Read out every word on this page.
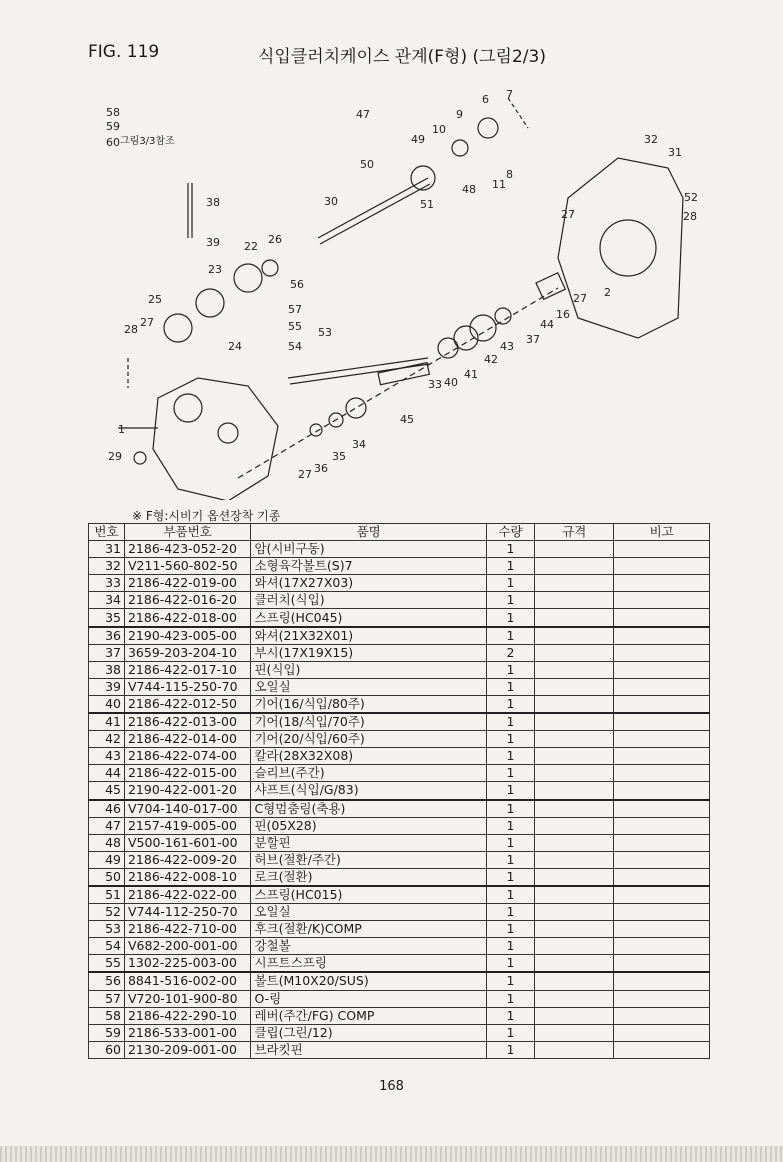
FIG. 119	식입클러치케이스 관계(F형) (그림2/3)
58
59
60
47	9
10
6 7
49
8
11
50
48
51
32
31
52
28
27
30
38
22
26
39
23
56
57
55
54
25
24
28
27
53
44
16
27 2
37
43
42
41
40
33
45
34
1
29	35
36
27
그림3/3참조
※ F형:시비기 옵션장착 기종
번호	부품번호	품명	수량	규격	비고
31	2186-423-052-20	암(시비구동)	1		
32	V211-560-802-50	소형육각볼트(S)7	1		
33	2186-422-019-00	와셔(17X27X03)	1		
34	2186-422-016-20	클러치(식입)	1		
35	2186-422-018-00	스프링(HC045)	1		
36	2190-423-005-00	와셔(21X32X01)	1		
37	3659-203-204-10	부시(17X19X15)	2		
38	2186-422-017-10	핀(식입)	1		
39	V744-115-250-70	오일실	1		
40	2186-422-012-50	기어(16/식입/80주)	1		
41	2186-422-013-00	기어(18/식입/70주)	1		
42	2186-422-014-00	기어(20/식입/60주)	1		
43	2186-422-074-00	칼라(28X32X08)	1		
44	2186-422-015-00	슬리브(주간)	1		
45	2190-422-001-20	샤프트(식입/G/83)	1		
46	V704-140-017-00	C형멈춤링(축용)	1		
47	2157-419-005-00	핀(05X28)	1		
48	V500-161-601-00	분할핀	1		
49	2186-422-009-20	허브(절환/주간)	1		
50	2186-422-008-10	로크(절환)	1		
51	2186-422-022-00	스프링(HC015)	1		
52	V744-112-250-70	오일실	1		
53	2186-422-710-00	후크(절환/K)COMP	1		
54	V682-200-001-00	강철볼	1		
55	1302-225-003-00	시프트스프링	1		
56	8841-516-002-00	볼트(M10X20/SUS)	1		
57	V720-101-900-80	O-링	1		
58	2186-422-290-10	레버(주간/FG) COMP	1		
59	2186-533-001-00	클립(그린/12)	1		
60	2130-209-001-00	브라킷핀	1		
168
